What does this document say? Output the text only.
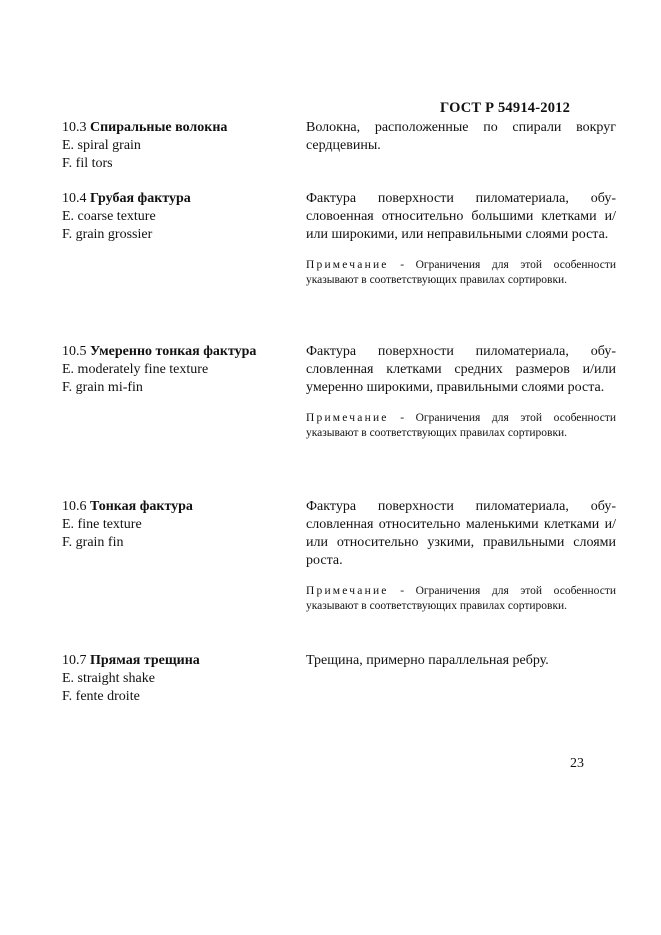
ГОСТ Р 54914-2012
10.3 Спиральные волокна
E. spiral grain
F. fil tors
Волокна, расположенные по спирали вокруг сердцевины.
10.4 Грубая фактура
E. coarse texture
F. grain grossier
Фактура поверхности пиломатериала, обусловоенная относительно большими клетками и/или широкими, или неправильными слоями роста.
Примечание - Ограничения для этой особенности указывают в соответствующих правилах сортировки.
10.5 Умеренно тонкая фактура
E. moderately fine texture
F. grain mi-fin
Фактура поверхности пиломатериала, обусловленная клетками средних размеров и/или умеренно широкими, правильными слоями роста.
Примечание - Ограничения для этой особенности указывают в соответствующих правилах сортировки.
10.6 Тонкая фактура
E. fine texture
F. grain fin
Фактура поверхности пиломатериала, обусловленная относительно маленькими клетками и/или относительно узкими, правильными слоями роста.
Примечание - Ограничения для этой особенности указывают в соответствующих правилах сортировки.
10.7 Прямая трещина
E. straight shake
F. fente droite
Трещина, примерно параллельная ребру.
23
